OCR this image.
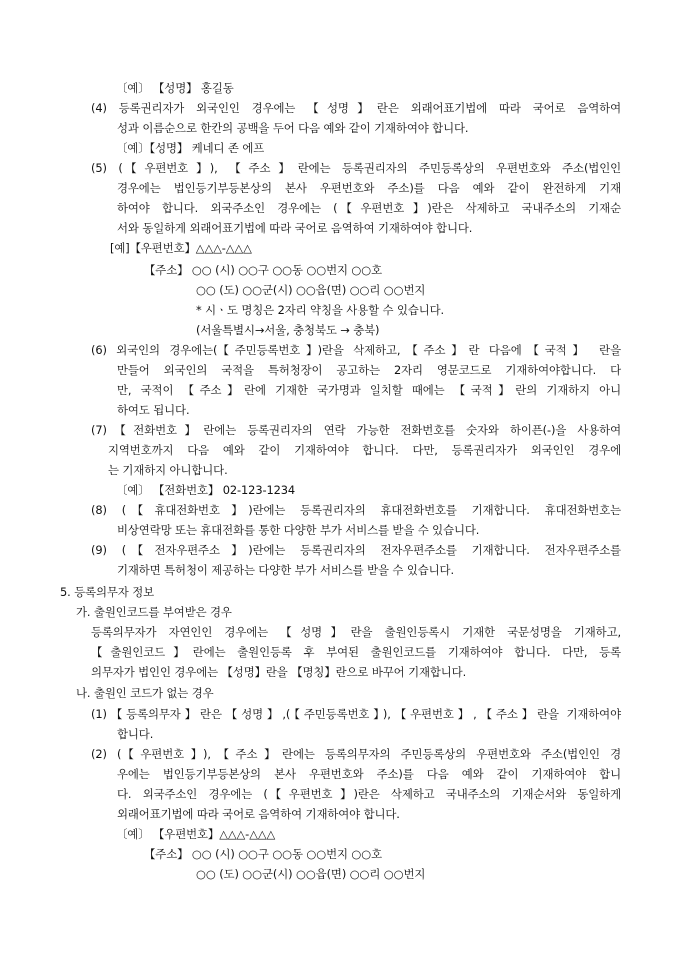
〔예〕 【성명】 홍길동
(4) 등록권리자가 외국인인 경우에는 【성명】란은 외래어표기법에 따라 국어로 음역하여
성과 이름순으로 한칸의 공백을 두어 다음 예와 같이 기재하여야 합니다.
〔예〕【성명】 케네디 존 에프
(5) (【우편번호】), 【주소】란에는 등록권리자의 주민등록상의 우편번호와 주소(법인인
경우에는 법인등기부등본상의 본사 우편번호와 주소)를 다음 예와 같이 완전하게 기재
하여야 합니다. 외국주소인 경우에는 (【우편번호】)란은 삭제하고 국내주소의 기재순
서와 동일하게 외래어표기법에 따라 국어로 음역하여 기재하여야 합니다.
[예]【우편번호】△△△-△△△
【주소】 ○○ (시) ○○구 ○○동 ○○번지 ○○호
○○ (도) ○○군(시) ○○읍(면) ○○리 ○○번지
* 시ㆍ도 명칭은 2자리 약칭을 사용할 수 있습니다.
(서울특별시→서울, 충청북도 → 충북)
(6) 외국인의 경우에는(【주민등록번호】)란을 삭제하고,【주소】란 다음에【국적】 란을
만들어 외국인의 국적을 특허청장이 공고하는 2자리 영문코드로 기재하여야합니다. 다
만, 국적이 【주소】란에 기재한 국가명과 일치할 때에는 【국적】란의 기재하지 아니
하여도 됩니다.
(7)【전화번호】란에는 등록권리자의 연락 가능한 전화번호를 숫자와 하이픈(-)을 사용하여
지역번호까지 다음 예와 같이 기재하여야 합니다. 다만, 등록권리자가 외국인인 경우에
는 기재하지 아니합니다.
〔예〕 【전화번호】 02-123-1234
(8) (【휴대전화번호】)란에는 등록권리자의 휴대전화번호를 기재합니다. 휴대전화번호는
비상연락망 또는 휴대전화를 통한 다양한 부가 서비스를 받을 수 있습니다.
(9) (【전자우편주소】)란에는 등록권리자의 전자우편주소를 기재합니다. 전자우편주소를
기재하면 특허청이 제공하는 다양한 부가 서비스를 받을 수 있습니다.
5. 등록의무자 정보
가. 출원인코드를 부여받은 경우
등록의무자가 자연인인 경우에는 【성명】란을 출원인등록시 기재한 국문성명을 기재하고,
【출원인코드】란에는 출원인등록 후 부여된 출원인코드를 기재하여야 합니다. 다만, 등록
의무자가 법인인 경우에는 【성명】란을 【명칭】란으로 바꾸어 기재합니다.
나. 출원인 코드가 없는 경우
(1)【등록의무자】란은【성명】,(【주민등록번호】),【우편번호】,【주소】란을 기재하여야
합니다.
(2) (【우편번호】),【주소】란에는 등록의무자의 주민등록상의 우편번호와 주소(법인인 경
우에는 법인등기부등본상의 본사 우편번호와 주소)를 다음 예와 같이 기재하여야 합니
다. 외국주소인 경우에는 (【우편번호】)란은 삭제하고 국내주소의 기재순서와 동일하게
외래어표기법에 따라 국어로 음역하여 기재하여야 합니다.
〔예〕 【우편번호】△△△-△△△
【주소】 ○○ (시) ○○구 ○○동 ○○번지 ○○호
○○ (도) ○○군(시) ○○읍(면) ○○리 ○○번지
